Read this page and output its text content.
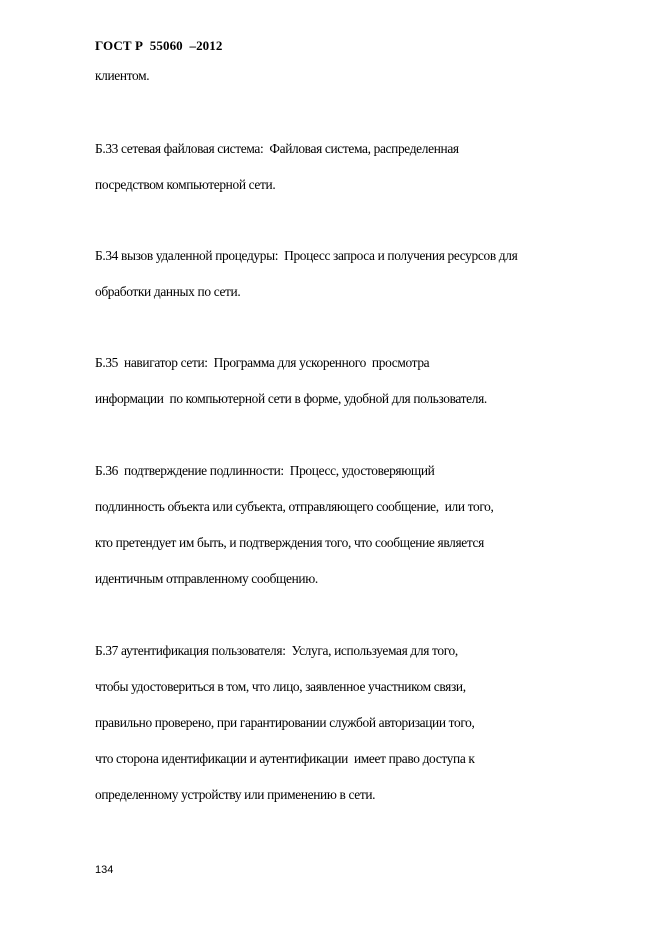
ГОСТ Р  55060  –2012
клиентом.
Б.33 сетевая файловая система:  Файловая система, распределенная
посредством компьютерной сети.
Б.34 вызов удаленной процедуры:  Процесс запроса и получения ресурсов для
обработки данных по сети.
Б.35  навигатор сети:  Программа для ускоренного  просмотра
информации  по компьютерной сети в форме, удобной для пользователя.
Б.36  подтверждение подлинности:  Процесс, удостоверяющий
подлинность объекта или субъекта, отправляющего сообщение,  или того,
кто претендует им быть, и подтверждения того, что сообщение является
идентичным отправленному сообщению.
Б.37 аутентификация пользователя:  Услуга, используемая для того,
чтобы удостовериться в том, что лицо, заявленное участником связи,
правильно проверено, при гарантировании службой авторизации того,
что сторона идентификации и аутентификации  имеет право доступа к
определенному устройству или применению в сети.
134
